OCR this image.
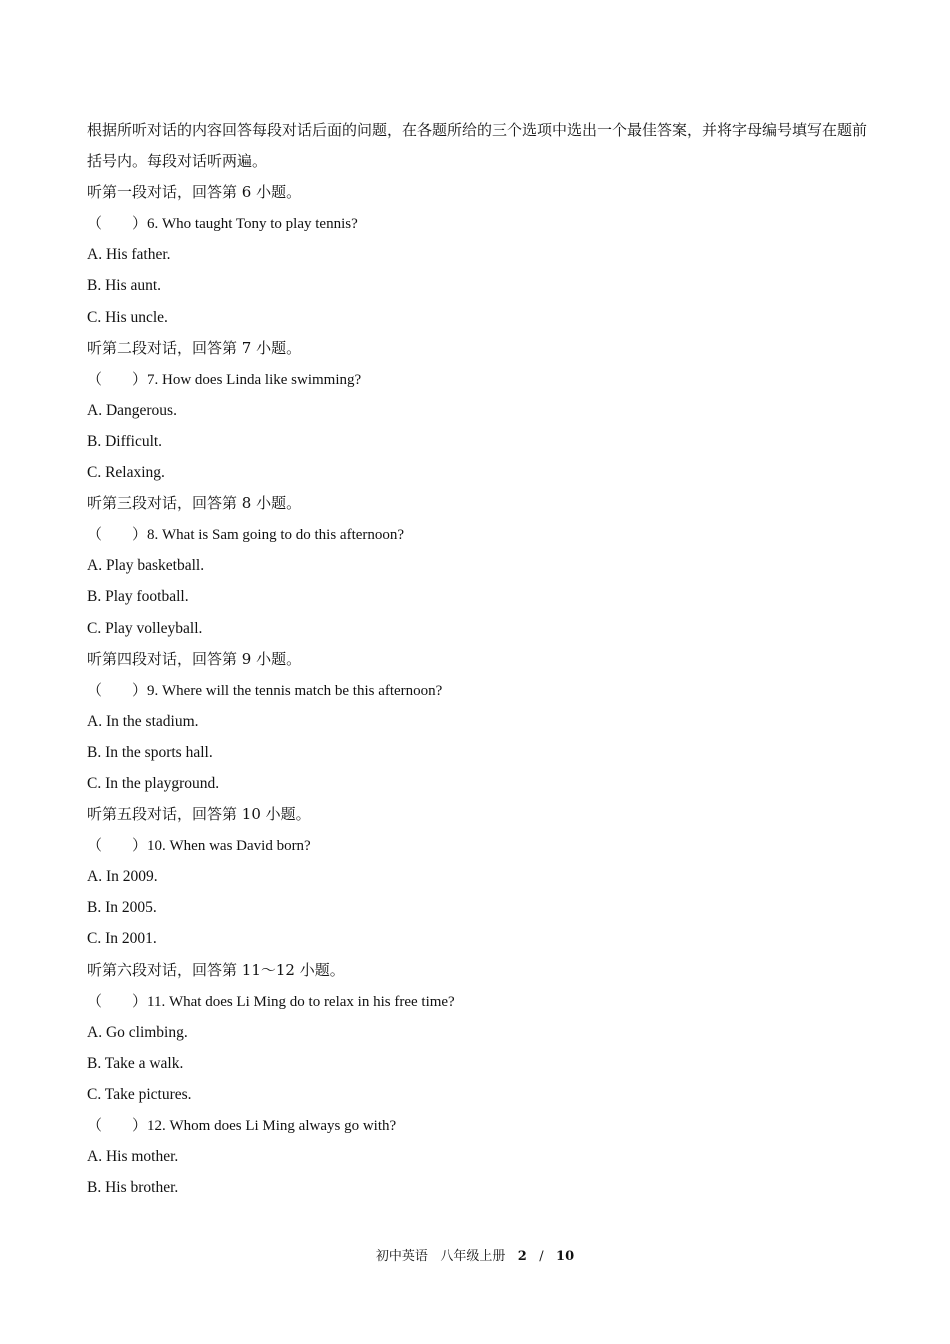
根据所听对话的内容回答每段对话后面的问题，在各题所给的三个选项中选出一个最佳答案，并将字母编号填写在题前括号内。每段对话听两遍。
听第一段对话，回答第 6 小题。
（　　）6. Who taught Tony to play tennis?
A. His father.
B. His aunt.
C. His uncle.
听第二段对话，回答第 7 小题。
（　　）7. How does Linda like swimming?
A. Dangerous.
B. Difficult.
C. Relaxing.
听第三段对话，回答第 8 小题。
（　　）8. What is Sam going to do this afternoon?
A. Play basketball.
B. Play football.
C. Play volleyball.
听第四段对话，回答第 9 小题。
（　　）9. Where will the tennis match be this afternoon?
A. In the stadium.
B. In the sports hall.
C. In the playground.
听第五段对话，回答第 10 小题。
（　　）10. When was David born?
A. In 2009.
B. In 2005.
C. In 2001.
听第六段对话，回答第 11～12 小题。
（　　）11. What does Li Ming do to relax in his free time?
A. Go climbing.
B. Take a walk.
C. Take pictures.
（　　）12. Whom does Li Ming always go with?
A. His mother.
B. His brother.
初中英语 八年级上册 2 / 10
